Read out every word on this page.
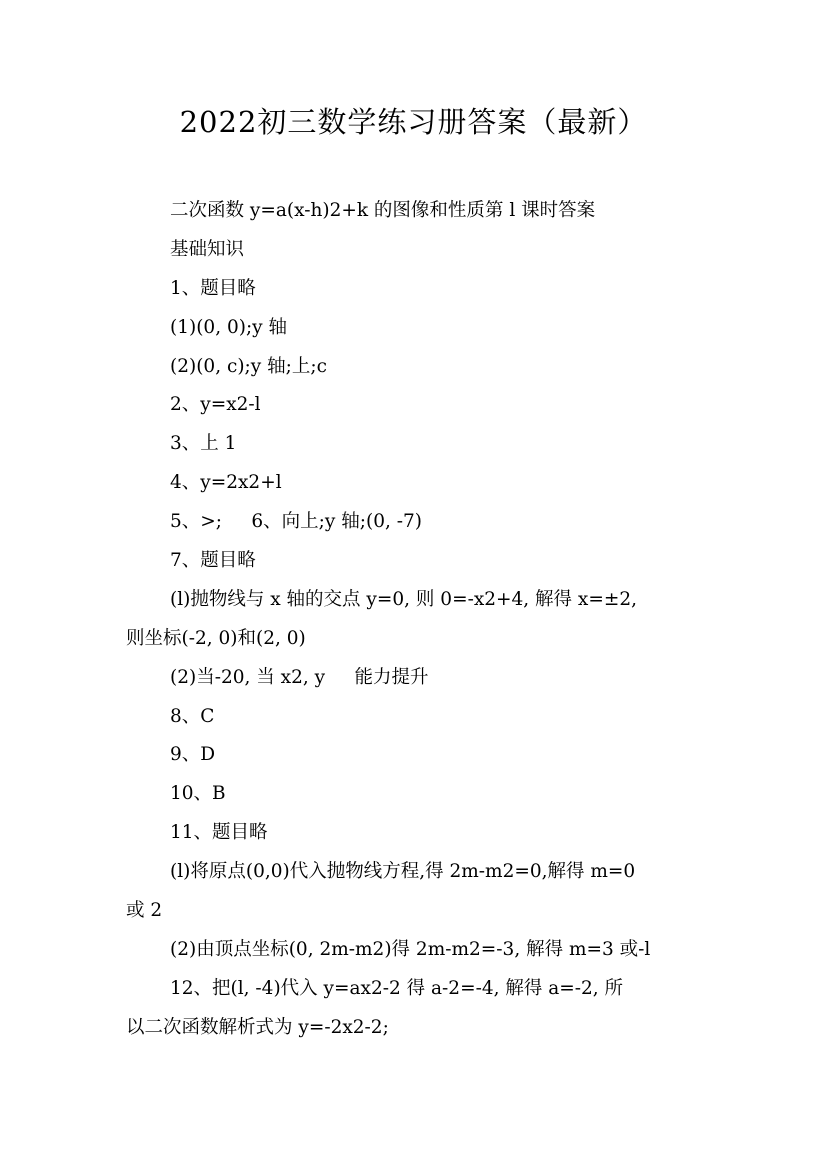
2022初三数学练习册答案（最新）
二次函数 y=a(x-h)2+k 的图像和性质第 l 课时答案
基础知识
1、题目略
(1)(0, 0);y 轴
(2)(0, c);y 轴;上;c
2、y=x2-l
3、上 1
4、y=2x2+l
5、>;     6、向上;y 轴;(0, -7)
7、题目略
(l)抛物线与 x 轴的交点 y=0, 则 0=-x2+4, 解得 x=±2,
则坐标(-2, 0)和(2, 0)
(2)当-20, 当 x2, y     能力提升
8、C
9、D
10、B
11、题目略
(l)将原点(0,0)代入抛物线方程,得 2m-m2=0,解得 m=0
或 2
(2)由顶点坐标(0, 2m-m2)得 2m-m2=-3, 解得 m=3 或-l
12、把(l, -4)代入 y=ax2-2 得 a-2=-4, 解得 a=-2, 所
以二次函数解析式为 y=-2x2-2;
